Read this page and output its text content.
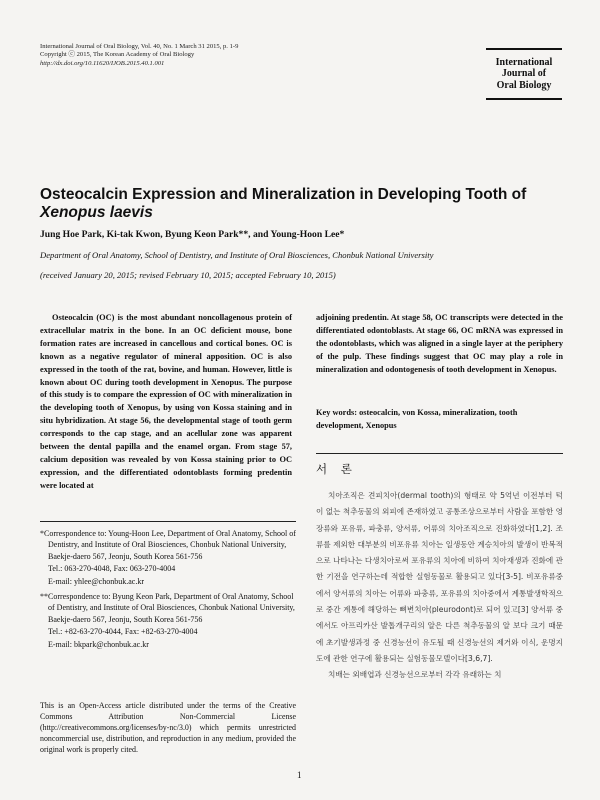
International Journal of Oral Biology, Vol. 40, No. 1 March 31 2015, p. 1-9
Copyright ⓒ 2015, The Korean Academy of Oral Biology
http://dx.doi.org/10.11620/IJOB.2015.40.1.001	International
Journal of
Oral Biology
Osteocalcin Expression and Mineralization in Developing Tooth of Xenopus laevis
Jung Hoe Park, Ki-tak Kwon, Byung Keon Park**, and Young-Hoon Lee*
Department of Oral Anatomy, School of Dentistry, and Institute of Oral Biosciences, Chonbuk National University
(received January 20, 2015; revised February 10, 2015; accepted February 10, 2015)
Osteocalcin (OC) is the most abundant noncollagenous protein of extracellular matrix in the bone. In an OC deficient mouse, bone formation rates are increased in cancellous and cortical bones. OC is known as a negative regulator of mineral apposition. OC is also expressed in the tooth of the rat, bovine, and human. However, little is known about OC during tooth development in Xenopus. The purpose of this study is to compare the expression of OC with mineralization in the developing tooth of Xenopus, by using von Kossa staining and in situ hybridization. At stage 56, the developmental stage of tooth germ corresponds to the cap stage, and an acellular zone was apparent between the dental papilla and the enamel organ. From stage 57, calcium deposition was revealed by von Kossa staining prior to OC expression, and the differentiated odontoblasts forming predentin were located at
adjoining predentin. At stage 58, OC transcripts were detected in the differentiated odontoblasts. At stage 66, OC mRNA was expressed in the odontoblasts, which was aligned in a single layer at the periphery of the pulp. These findings suggest that OC may play a role in mineralization and odontogenesis of tooth development in Xenopus.
Key words: osteocalcin, von Kossa, mineralization, tooth development, Xenopus
서 론
치아조직은 견피치아(dermal tooth)의 형태로 약 5억년 이전부터 턱이 없는 척추동물의 외피에 존재하였고 공통조상으로부터 사람을 포함한 영장류와 포유류, 파충류, 양서류, 어류의 치아조직으로 진화하였다[1,2]. 조류를 제외한 대부분의 비포유류 치아는 일생동안 계승치아의 발생이 반복적으로 나타나는 다생치아로써 포유류의 치아에 비하여 치아재생과 진화에 관한 기전을 연구하는데 적합한 실험동물로 활용되고 있다[3-5]. 비포유류중에서 양서류의 치아는 어류와 파충류, 포유류의 치아중에서 계통발생학적으로 중간 계통에 해당하는 뼈변치아(pleurodont)로 되어 있고[3] 양서류 중에서도 아프리카산 발톱개구리의 알은 다른 척추동물의 알 보다 크기 때문에 초기발생과정 중 신경능선이 유도될 때 신경능선의 제거와 이식, 운명지도에 관한 연구에 활용되는 실험동물모델이다[3,6,7].
치배는 외배엽과 신경능선으로부터 각각 유래하는 치
*Correspondence to: Young-Hoon Lee, Department of Oral Anatomy, School of Dentistry, and Institute of Oral Biosciences, Chonbuk National University, Baekje-daero 567, Jeonju, South Korea 561-756
Tel.: 063-270-4048, Fax: 063-270-4004
E-mail: yhlee@chonbuk.ac.kr
**Correspondence to: Byung Keon Park, Department of Oral Anatomy, School of Dentistry, and Institute of Oral Biosciences, Chonbuk National University, Baekje-daero 567, Jeonju, South Korea 561-756
Tel.: +82-63-270-4044, Fax: +82-63-270-4004
E-mail: bkpark@chonbuk.ac.kr
This is an Open-Access article distributed under the terms of the Creative Commons Attribution Non-Commercial License (http://creativecommons.org/licenses/by-nc/3.0) which permits unrestricted noncommercial use, distribution, and reproduction in any medium, provided the original work is properly cited.
1
